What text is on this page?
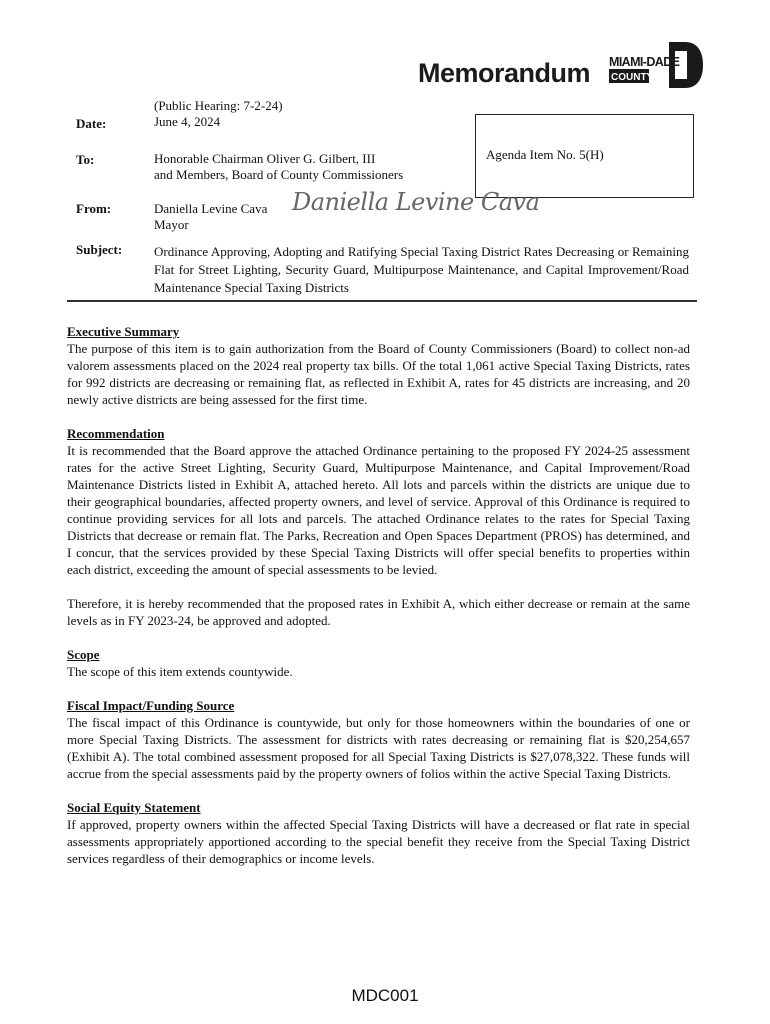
Memorandum MIAMI-DADE
COUNTY
(Public Hearing: 7-2-24)
Date:	June 4, 2024
Agenda Item No. 5(H)
To:	Honorable Chairman Oliver G. Gilbert, III
and Members, Board of County Commissioners
From:	Daniella Levine Cava
Mayor
Daniella Levine Cava
Subject: Ordinance Approving, Adopting and Ratifying Special Taxing District Rates Decreasing or Remaining Flat for Street Lighting, Security Guard, Multipurpose Maintenance, and Capital Improvement/Road Maintenance Special Taxing Districts
Executive Summary

The purpose of this item is to gain authorization from the Board of County Commissioners (Board) to collect non-ad valorem assessments placed on the 2024 real property tax bills. Of the total 1,061 active Special Taxing Districts, rates for 992 districts are decreasing or remaining flat, as reflected in Exhibit A, rates for 45 districts are increasing, and 20 newly active districts are being assessed for the first time.

Recommendation

It is recommended that the Board approve the attached Ordinance pertaining to the proposed FY 2024-25 assessment rates for the active Street Lighting, Security Guard, Multipurpose Maintenance, and Capital Improvement/Road Maintenance Districts listed in Exhibit A, attached hereto. All lots and parcels within the districts are unique due to their geographical boundaries, affected property owners, and level of service. Approval of this Ordinance is required to continue providing services for all lots and parcels. The attached Ordinance relates to the rates for Special Taxing Districts that decrease or remain flat. The Parks, Recreation and Open Spaces Department (PROS) has determined, and I concur, that the services provided by these Special Taxing Districts will offer special benefits to properties within each district, exceeding the amount of special assessments to be levied.

Therefore, it is hereby recommended that the proposed rates in Exhibit A, which either decrease or remain at the same levels as in FY 2023-24, be approved and adopted.

Scope

The scope of this item extends countywide.

Fiscal Impact/Funding Source

The fiscal impact of this Ordinance is countywide, but only for those homeowners within the boundaries of one or more Special Taxing Districts. The assessment for districts with rates decreasing or remaining flat is $20,254,657 (Exhibit A). The total combined assessment proposed for all Special Taxing Districts is $27,078,322. These funds will accrue from the special assessments paid by the property owners of folios within the active Special Taxing Districts.

Social Equity Statement

If approved, property owners within the affected Special Taxing Districts will have a decreased or flat rate in special assessments appropriately apportioned according to the special benefit they receive from the Special Taxing District services regardless of their demographics or income levels.

MDC001
